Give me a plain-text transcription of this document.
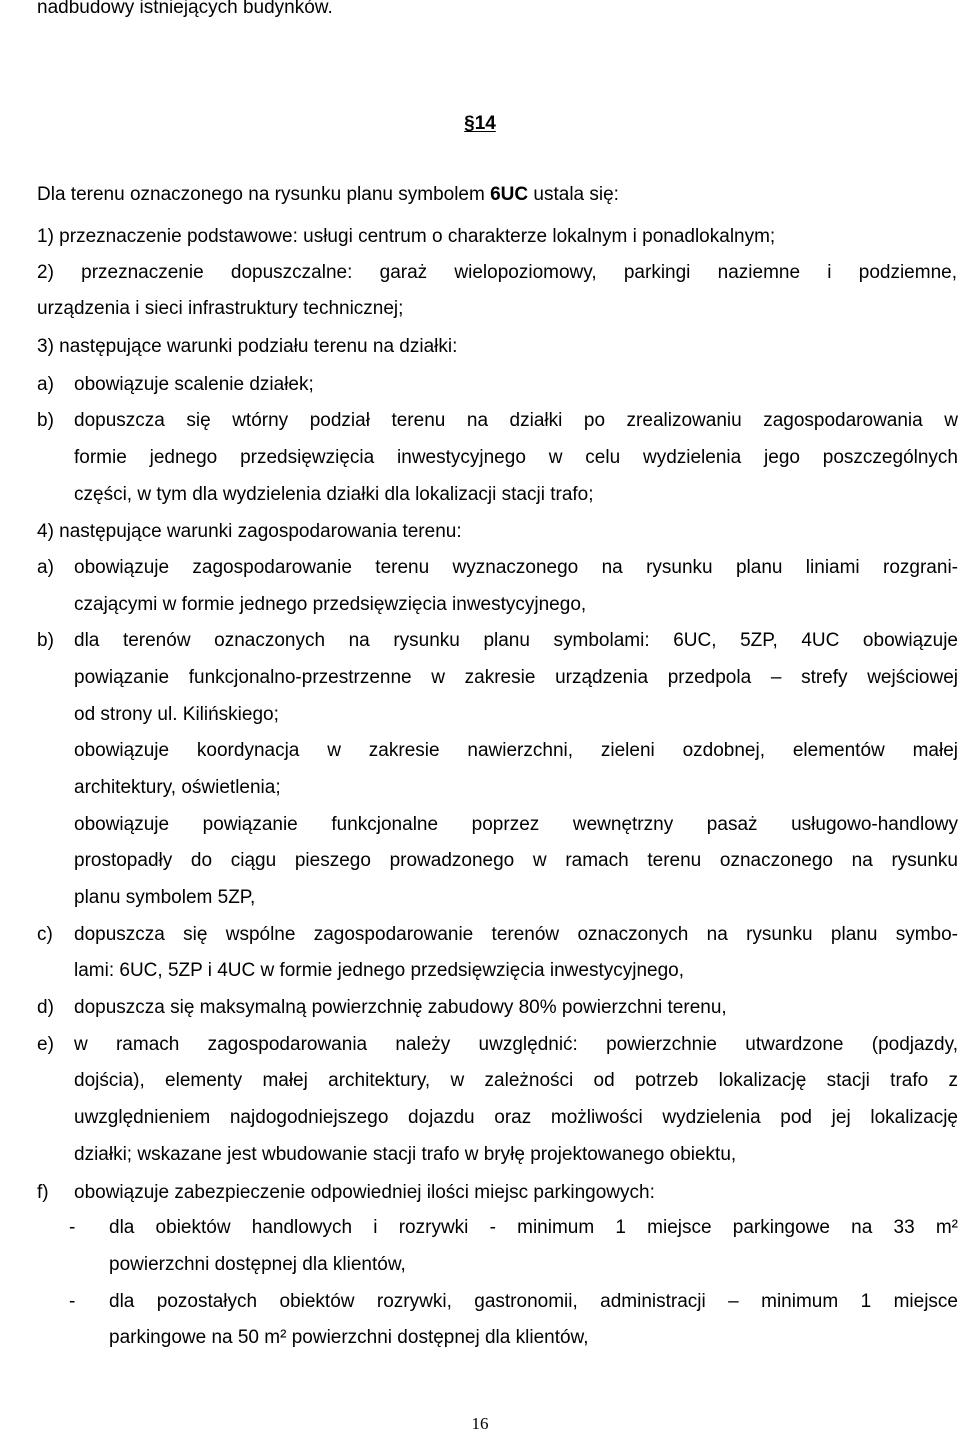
nadbudowy istniejących budynków.
§14
Dla terenu oznaczonego na rysunku planu symbolem 6UC ustala się:
1) przeznaczenie podstawowe: usługi centrum o charakterze lokalnym i ponadlokalnym;
2) przeznaczenie dopuszczalne: garaż wielopoziomowy, parkingi naziemne i podziemne,
urządzenia i sieci infrastruktury technicznej;
3) następujące warunki podziału terenu na działki:
a) obowiązuje scalenie działek;
b) dopuszcza się wtórny podział terenu na działki po zrealizowaniu zagospodarowania w
formie jednego przedsięwzięcia inwestycyjnego w celu wydzielenia jego poszczególnych
części, w tym dla wydzielenia działki dla lokalizacji stacji trafo;
4) następujące warunki zagospodarowania terenu:
a) obowiązuje zagospodarowanie terenu wyznaczonego na rysunku planu liniami rozgrani-
czającymi w formie jednego przedsięwzięcia inwestycyjnego,
b) dla terenów oznaczonych na rysunku planu symbolami: 6UC, 5ZP, 4UC obowiązuje
powiązanie funkcjonalno-przestrzenne w zakresie urządzenia przedpola – strefy wejściowej
od strony ul. Kilińskiego;
obowiązuje koordynacja w zakresie nawierzchni, zieleni ozdobnej, elementów małej
architektury, oświetlenia;
obowiązuje powiązanie funkcjonalne poprzez wewnętrzny pasaż usługowo-handlowy
prostopadły do ciągu pieszego prowadzonego w ramach terenu oznaczonego na rysunku
planu symbolem 5ZP,
c) dopuszcza się wspólne zagospodarowanie terenów oznaczonych na rysunku planu symbo-
lami: 6UC, 5ZP i 4UC w formie jednego przedsięwzięcia inwestycyjnego,
d) dopuszcza się maksymalną powierzchnię zabudowy 80% powierzchni terenu,
e) w ramach zagospodarowania należy uwzględnić: powierzchnie utwardzone (podjazdy,
dojścia), elementy małej architektury, w zależności od potrzeb lokalizację stacji trafo z
uwzględnieniem najdogodniejszego dojazdu oraz możliwości wydzielenia pod jej lokalizację
działki; wskazane jest wbudowanie stacji trafo w bryłę projektowanego obiektu,
f) obowiązuje zabezpieczenie odpowiedniej ilości miejsc parkingowych:
- dla obiektów handlowych i rozrywki - minimum 1 miejsce parkingowe na 33 m²
powierzchni dostępnej dla klientów,
- dla pozostałych obiektów rozrywki, gastronomii, administracji – minimum 1 miejsce
parkingowe na 50 m² powierzchni dostępnej dla klientów,
16
